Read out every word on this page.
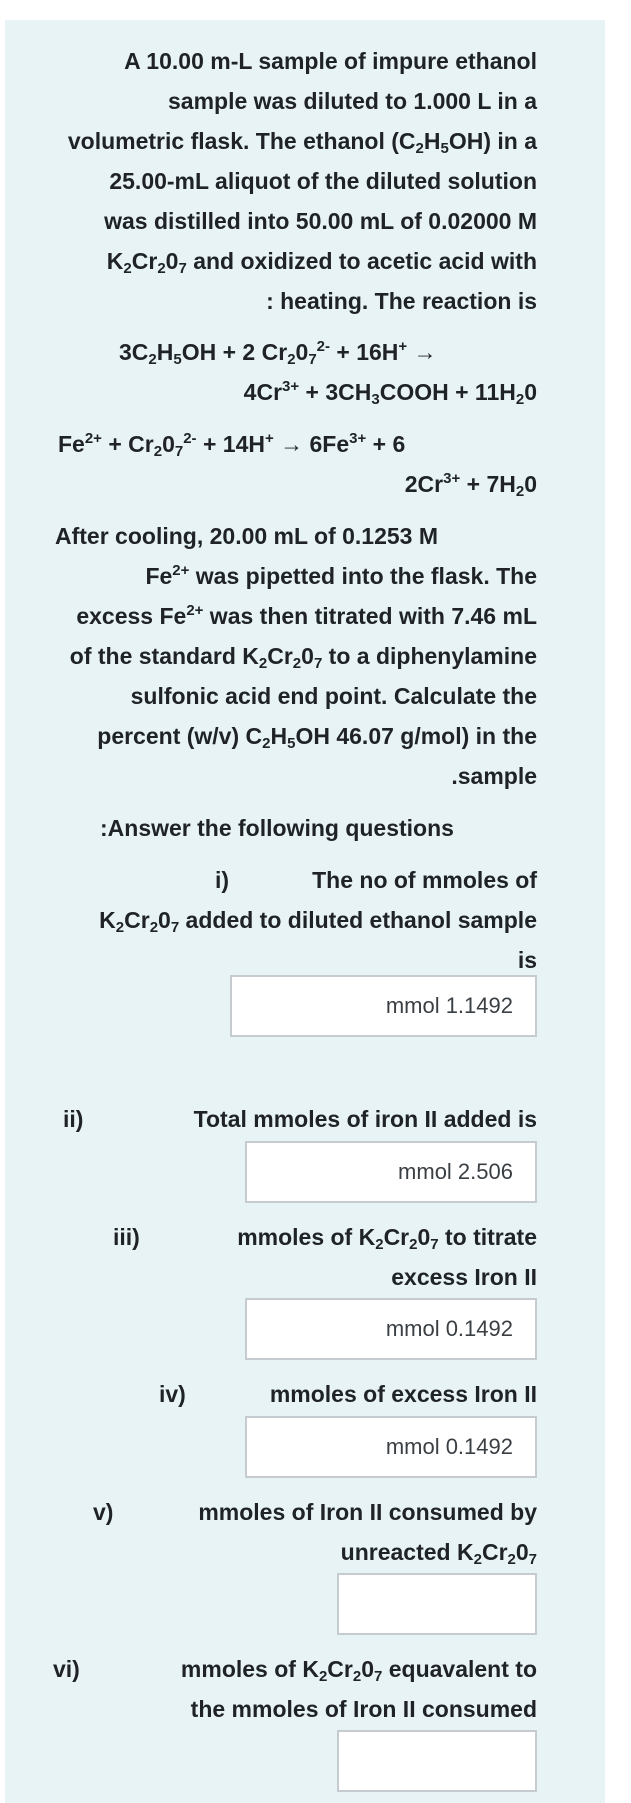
A 10.00 m-L sample of impure ethanol
sample was diluted to 1.000 L in a
volumetric flask. The ethanol $(C_2H_5OH)$ in a
25.00-mL aliquot of the diluted solution
was distilled into 50.00 mL of 0.02000 M
$K_2Cr_20_7$ and oxidized to acetic acid with
: heating. The reaction is
$3C_2H_5OH + 2$ $Cr_20_7^{2-} + 16H^+$ →
$4Cr^{3+}$ + $3CH_3COOH + 11H_20$
$Fe^{2+} + Cr_20_7^{2-} + 14H^+ \to 6Fe^{3+} + 6$
$2Cr^{3+} + 7H_20$
After cooling, 20.00 mL of 0.1253 M
$Fe^{2+}$ was pipetted into the flask. The
excess $Fe^{2+}$ was then titrated with 7.46 mL
of the standard $K_2Cr_20_7$ to a diphenylamine
sulfonic acid end point. Calculate the
percent (w/v) $C_2H_5OH$ 46.07 g/mol) in the
.sample
:Answer the following questions
i)	The no of mmoles of
$K_2Cr_20_7$ added to diluted ethanol sample
is
mmol 1.1492
ii)	Total mmoles of iron II added is
mmol 2.506
iii)	mmoles of $K_2Cr_20_7$ to titrate
excess Iron II
mmol 0.1492
iv)	mmoles of excess Iron II
mmol 0.1492
v)	mmoles of Iron II consumed by
unreacted $K_2Cr_20_7$
vi)	mmoles of $K_2Cr_20_7$ equavalent to
the mmoles of Iron II consumed
